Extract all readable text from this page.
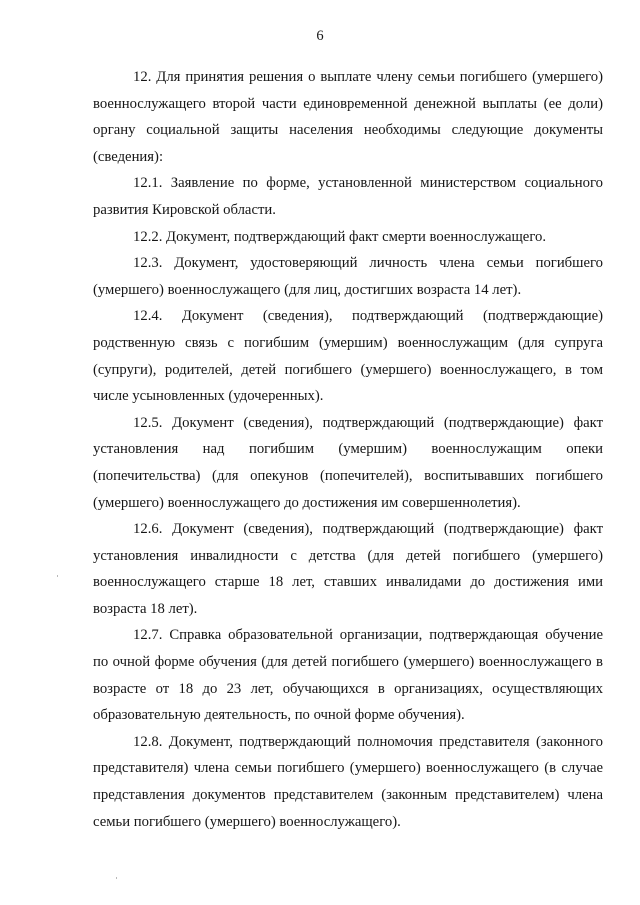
6

12. Для принятия решения о выплате члену семьи погибшего (умершего) военнослужащего второй части единовременной денежной выплаты (ее доли) органу социальной защиты населения необходимы следующие документы (сведения):

12.1. Заявление по форме, установленной министерством социального развития Кировской области.

12.2. Документ, подтверждающий факт смерти военнослужащего.

12.3. Документ, удостоверяющий личность члена семьи погибшего (умершего) военнослужащего (для лиц, достигших возраста 14 лет).

12.4. Документ (сведения), подтверждающий (подтверждающие) родственную связь с погибшим (умершим) военнослужащим (для супруга (супруги), родителей, детей погибшего (умершего) военнослужащего, в том числе усыновленных (удочеренных).

12.5. Документ (сведения), подтверждающий (подтверждающие) факт установления над погибшим (умершим) военнослужащим опеки (попечительства) (для опекунов (попечителей), воспитывавших погибшего (умершего) военнослужащего до достижения им совершеннолетия).

12.6. Документ (сведения), подтверждающий (подтверждающие) факт установления инвалидности с детства (для детей погибшего (умершего) военнослужащего старше 18 лет, ставших инвалидами до достижения ими возраста 18 лет).

12.7. Справка образовательной организации, подтверждающая обучение по очной форме обучения (для детей погибшего (умершего) военнослужащего в возрасте от 18 до 23 лет, обучающихся в организациях, осуществляющих образовательную деятельность, по очной форме обучения).

12.8. Документ, подтверждающий полномочия представителя (законного представителя) члена семьи погибшего (умершего) военнослужащего (в случае представления документов представителем (законным представителем) члена семьи погибшего (умершего) военнослужащего).
